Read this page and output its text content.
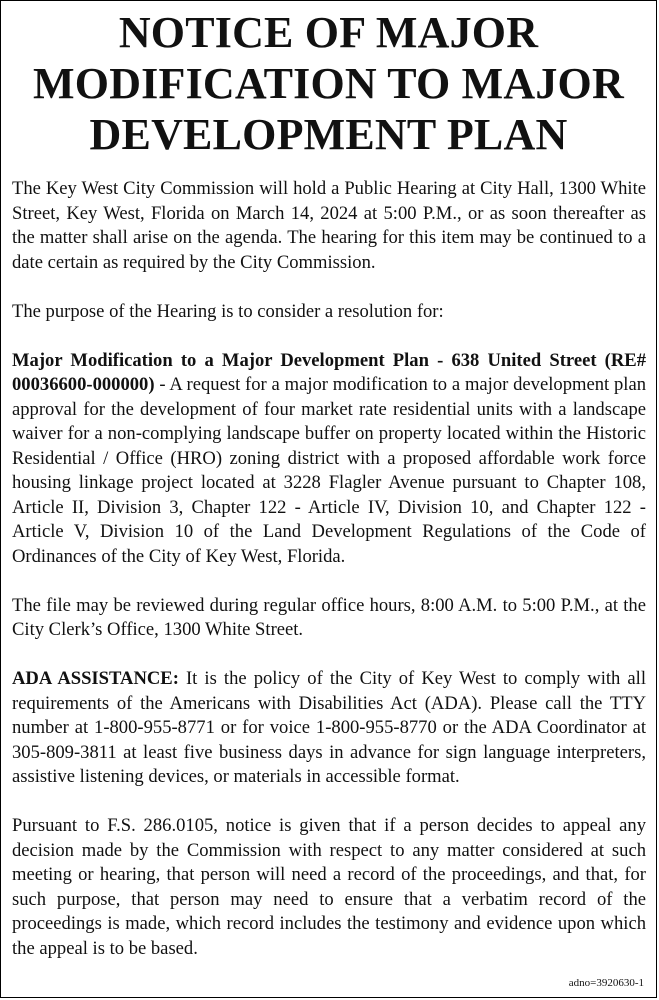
NOTICE OF MAJOR
MODIFICATION TO MAJOR
DEVELOPMENT PLAN

The Key West City Commission will hold a Public Hearing at City Hall, 1300 White Street, Key West, Florida on March 14, 2024 at 5:00 P.M., or as soon thereafter as the matter shall arise on the agenda. The hearing for this item may be continued to a date certain as required by the City Commission.

The purpose of the Hearing is to consider a resolution for:

Major Modification to a Major Development Plan - 638 United Street (RE# 00036600-000000) - A request for a major modification to a major development plan approval for the development of four market rate residential units with a landscape waiver for a non-complying landscape buffer on property located within the Historic Residential / Office (HRO) zoning district with a proposed affordable work force housing linkage project located at 3228 Flagler Avenue pursuant to Chapter 108, Article II, Division 3, Chapter 122 - Article IV, Division 10, and Chapter 122 - Article V, Division 10 of the Land Development Regulations of the Code of Ordinances of the City of Key West, Florida.

The file may be reviewed during regular office hours, 8:00 A.M. to 5:00 P.M., at the City Clerk’s Office, 1300 White Street.

ADA ASSISTANCE: It is the policy of the City of Key West to comply with all requirements of the Americans with Disabilities Act (ADA). Please call the TTY number at 1-800-955-8771 or for voice 1-800-955-8770 or the ADA Coordinator at 305-809-3811 at least five business days in advance for sign language interpreters, assistive listening devices, or materials in accessible format.

Pursuant to F.S. 286.0105, notice is given that if a person decides to appeal any decision made by the Commission with respect to any matter considered at such meeting or hearing, that person will need a record of the proceedings, and that, for such purpose, that person may need to ensure that a verbatim record of the proceedings is made, which record includes the testimony and evidence upon which the appeal is to be based.

adno=3920630-1
